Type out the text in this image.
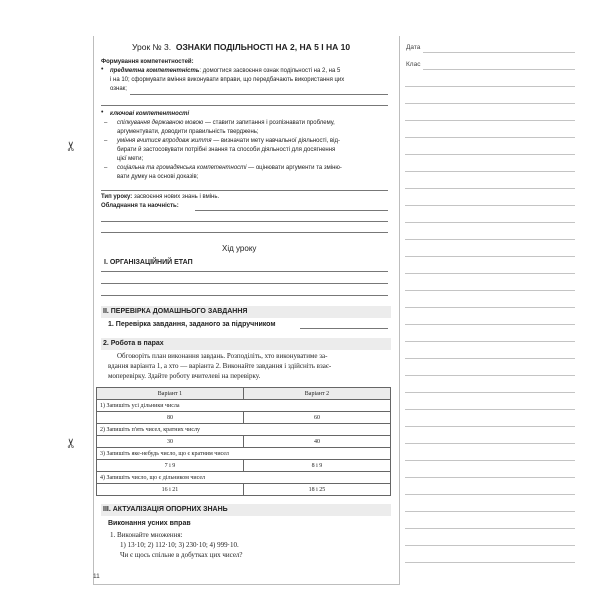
✂
✂
Урок № 3. ОЗНАКИ ПОДІЛЬНОСТІ НА 2, НА 5 І НА 10	Дата
Клас
Формування компетентностей:
• предметна компетентність: домогтися засвоєння ознак подільності на 2, на 5
і на 10; сформувати вміння виконувати вправи, що передбачають використання цих
ознак;
• ключові компетентності
– спілкування державною мовою — ставити запитання і розпізнавати проблему,
аргументувати, доводити правильність тверджень;
– уміння вчитися впродовж життя — визначати мету навчальної діяльності, від-
бирати й застосовувати потрібні знання та способи діяльності для досягнення
цієї мети;
– соціальна та громадянська компетентності — оцінювати аргументи та зміню-
вати думку на основі доказів;
Тип уроку: засвоєння нових знань і вмінь.
Обладнання та наочність:
Хід уроку
І. ОРГАНІЗАЦІЙНИЙ ЕТАП
ІІ. ПЕРЕВІРКА ДОМАШНЬОГО ЗАВДАННЯ
1. Перевірка завдання, заданого за підручником
2. Робота в парах
Обговоріть план виконання завдань. Розподіліть, хто виконуватиме за-
вдання варіанта 1, а хто — варіанта 2. Виконайте завдання і здійсніть взає-
мoперевірку. Здайте роботу вчителеві на перевірку.
Варіант 1	Варіант 2
1) Запишіть усі дільники числа	
80	60
2) Запишіть п'ять чисел, кратних числу	
30	40
3) Запишіть яке-небудь число, що є кратним чисел	
7 і 9	8 і 9
4) Запишіть число, що є дільником чисел	
16 і 21	18 і 25
ІІІ. АКТУАЛІЗАЦІЯ ОПОРНИХ ЗНАНЬ
Виконання усних вправ
1. Виконайте множення:
1) 13·10; 2) 112·10; 3) 230·10; 4) 999·10.
Чи є щось спільне в добутках цих чисел?
11
